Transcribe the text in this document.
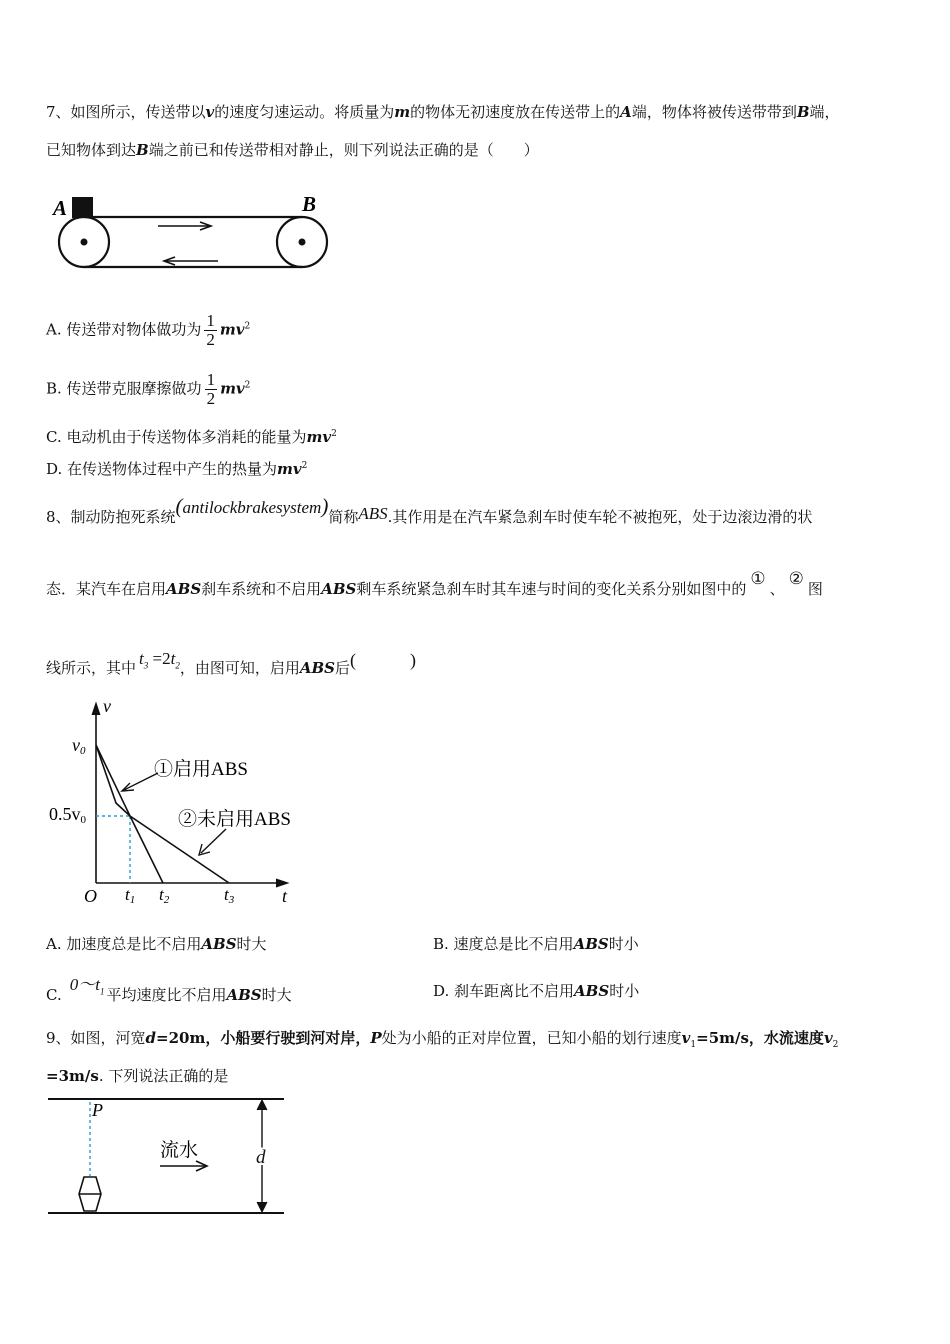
7、如图所示，传送带以v的速度匀速运动。将质量为m的物体无初速度放在传送带上的A端，物体将被传送带带到B端，
已知物体到达B端之前已和传送带相对静止，则下列说法正确的是（　　）
A	B
A. 传送带对物体做功为 $\frac{1}{2} mv^2$
B. 传送带克服摩擦做功 $\frac{1}{2} mv^2$
C. 电动机由于传送物体多消耗的能量为$mv^2$
D. 在传送物体过程中产生的热量为$mv^2$
8、制动防抱死系统(antilockbrakesystem)简称ABS.其作用是在汽车紧急刹车时使车轮不被抱死，处于边滚边滑的状
态．某汽车在启用ABS刹车系统和不启用ABS剩车系统紧急刹车时其车速与时间的变化关系分别如图中的 ① 、 ② 图
线所示，其中 $t_3 =2t_2$，由图可知，启用ABS后(　　　)
v
t
O
v0
0.5v0
t1 t2	t3
①启用ABS
②未启用ABS
A. 加速度总是比不启用ABS时大	B. 速度总是比不启用ABS时小
$C.0\sim t_1$ 平均速度比不启用ABS时大	D. 刹车距离比不启用ABS时小
9、如图，河宽d=20m，小船要行驶到河对岸，P处为小船的正对岸位置，已知小船的划行速度$v_1=5m/s$，水流速度$v_2$
=3m/s. 下列说法正确的是
P
流水	d
